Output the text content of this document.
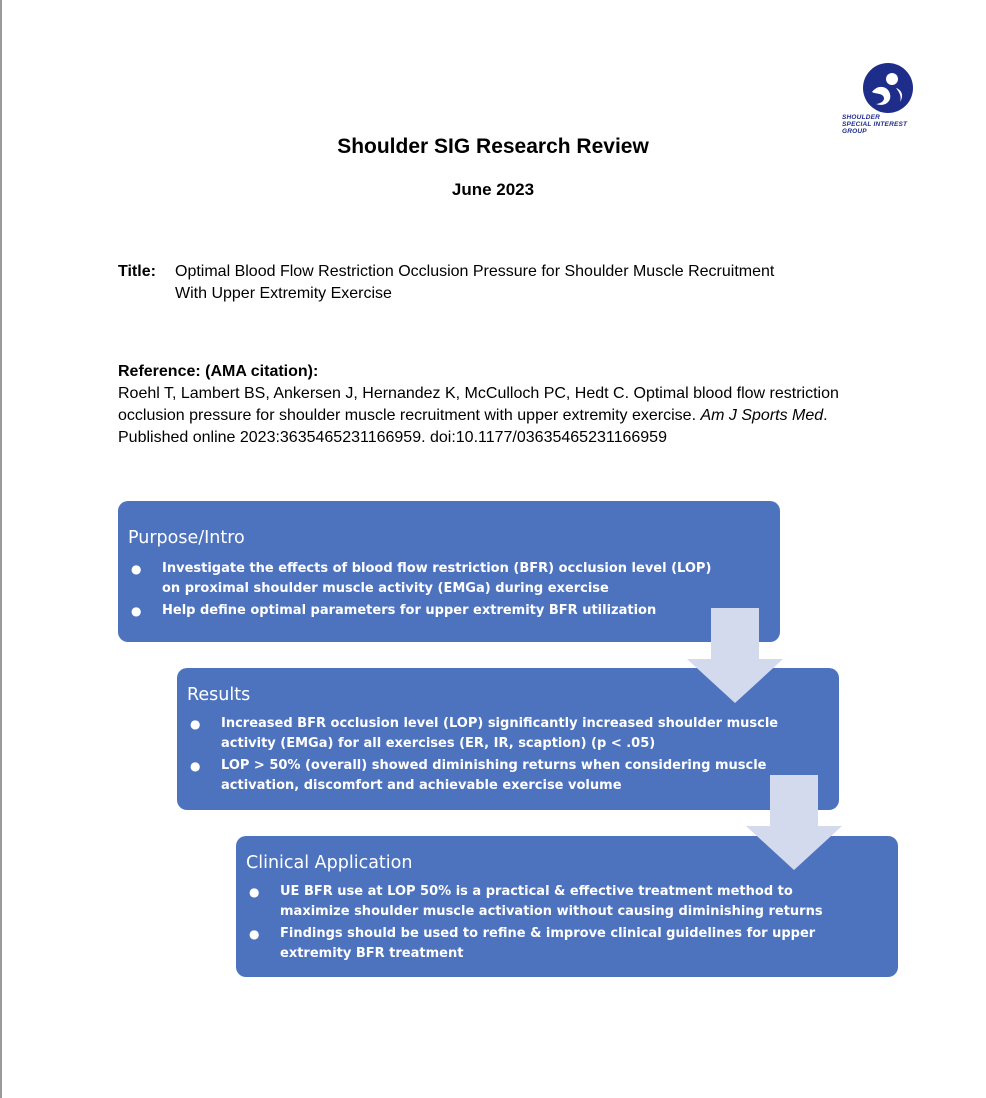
SHOULDER
SPECIAL INTEREST
GROUP
Shoulder SIG Research Review
June 2023
Title: Optimal Blood Flow Restriction Occlusion Pressure for Shoulder Muscle Recruitment
With Upper Extremity Exercise
Reference: (AMA citation):
Roehl T, Lambert BS, Ankersen J, Hernandez K, McCulloch PC, Hedt C. Optimal blood flow restriction occlusion pressure for shoulder muscle recruitment with upper extremity exercise. Am J Sports Med. Published online 2023:3635465231166959. doi:10.1177/03635465231166959
Purpose/Intro
● Investigate the effects of blood flow restriction (BFR) occlusion level (LOP) on proximal shoulder muscle activity (EMGa) during exercise
● Help define optimal parameters for upper extremity BFR utilization
Results
● Increased BFR occlusion level (LOP) significantly increased shoulder muscle activity (EMGa) for all exercises (ER, IR, scaption) (p < .05)
● LOP > 50% (overall) showed diminishing returns when considering muscle activation, discomfort and achievable exercise volume
Clinical Application
● UE BFR use at LOP 50% is a practical & effective treatment method to maximize shoulder muscle activation without causing diminishing returns
● Findings should be used to refine & improve clinical guidelines for upper extremity BFR treatment
